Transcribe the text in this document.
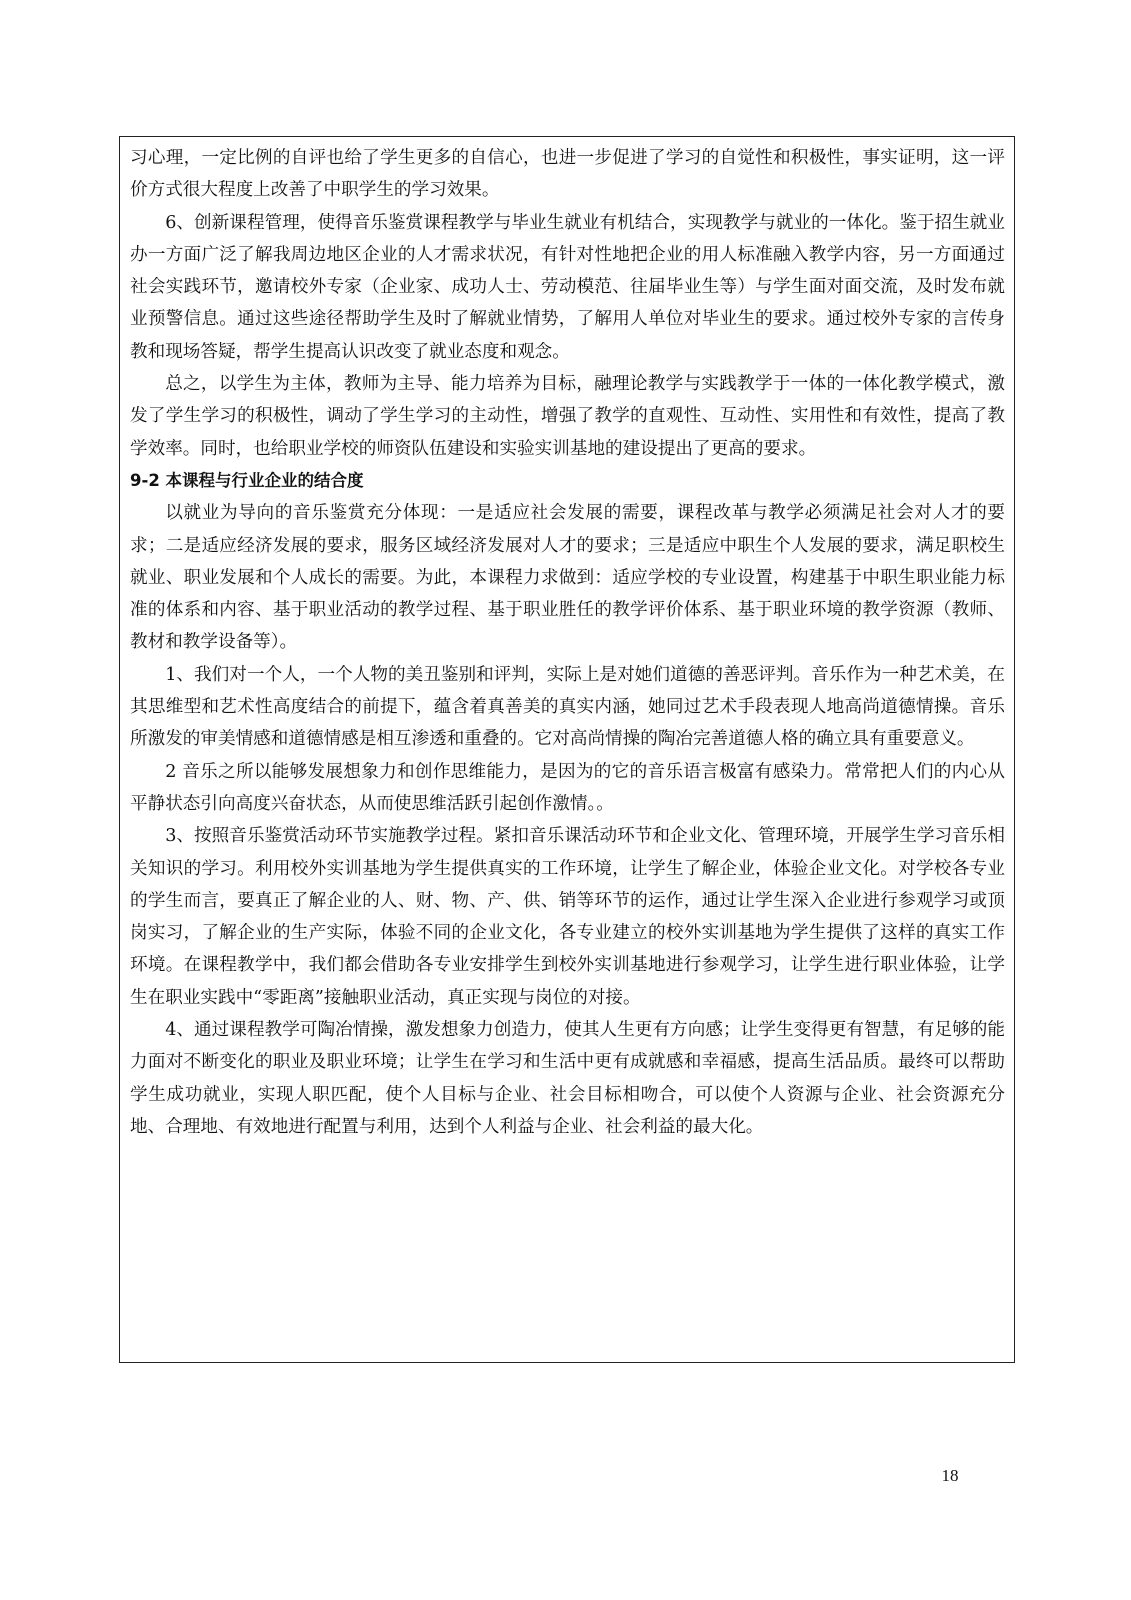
习心理，一定比例的自评也给了学生更多的自信心，也进一步促进了学习的自觉性和积极性，事实证明，这一评价方式很大程度上改善了中职学生的学习效果。

6、创新课程管理，使得音乐鉴赏课程教学与毕业生就业有机结合，实现教学与就业的一体化。鉴于招生就业办一方面广泛了解我周边地区企业的人才需求状况，有针对性地把企业的用人标准融入教学内容，另一方面通过社会实践环节，邀请校外专家（企业家、成功人士、劳动模范、往届毕业生等）与学生面对面交流，及时发布就业预警信息。通过这些途径帮助学生及时了解就业情势，了解用人单位对毕业生的要求。通过校外专家的言传身教和现场答疑，帮学生提高认识改变了就业态度和观念。

总之，以学生为主体，教师为主导、能力培养为目标，融理论教学与实践教学于一体的一体化教学模式，激发了学生学习的积极性，调动了学生学习的主动性，增强了教学的直观性、互动性、实用性和有效性，提高了教学效率。同时，也给职业学校的师资队伍建设和实验实训基地的建设提出了更高的要求。

9-2 本课程与行业企业的结合度

以就业为导向的音乐鉴赏充分体现：一是适应社会发展的需要，课程改革与教学必须满足社会对人才的要求；二是适应经济发展的要求，服务区域经济发展对人才的要求；三是适应中职生个人发展的要求，满足职校生就业、职业发展和个人成长的需要。为此，本课程力求做到：适应学校的专业设置，构建基于中职生职业能力标准的体系和内容、基于职业活动的教学过程、基于职业胜任的教学评价体系、基于职业环境的教学资源（教师、教材和教学设备等）。

1、我们对一个人，一个人物的美丑鉴别和评判，实际上是对她们道德的善恶评判。音乐作为一种艺术美，在其思维型和艺术性高度结合的前提下，蕴含着真善美的真实内涵，她同过艺术手段表现人地高尚道德情操。音乐所激发的审美情感和道德情感是相互渗透和重叠的。它对高尚情操的陶冶完善道德人格的确立具有重要意义。

2 音乐之所以能够发展想象力和创作思维能力，是因为的它的音乐语言极富有感染力。常常把人们的内心从平静状态引向高度兴奋状态，从而使思维活跃引起创作激情。。

3、按照音乐鉴赏活动环节实施教学过程。紧扣音乐课活动环节和企业文化、管理环境，开展学生学习音乐相关知识的学习。利用校外实训基地为学生提供真实的工作环境，让学生了解企业，体验企业文化。对学校各专业的学生而言，要真正了解企业的人、财、物、产、供、销等环节的运作，通过让学生深入企业进行参观学习或顶岗实习，了解企业的生产实际，体验不同的企业文化，各专业建立的校外实训基地为学生提供了这样的真实工作环境。在课程教学中，我们都会借助各专业安排学生到校外实训基地进行参观学习，让学生进行职业体验，让学生在职业实践中“零距离”接触职业活动，真正实现与岗位的对接。

4、通过课程教学可陶冶情操，激发想象力创造力，使其人生更有方向感；让学生变得更有智慧，有足够的能力面对不断变化的职业及职业环境；让学生在学习和生活中更有成就感和幸福感，提高生活品质。最终可以帮助学生成功就业，实现人职匹配，使个人目标与企业、社会目标相吻合，可以使个人资源与企业、社会资源充分地、合理地、有效地进行配置与利用，达到个人利益与企业、社会利益的最大化。

18
